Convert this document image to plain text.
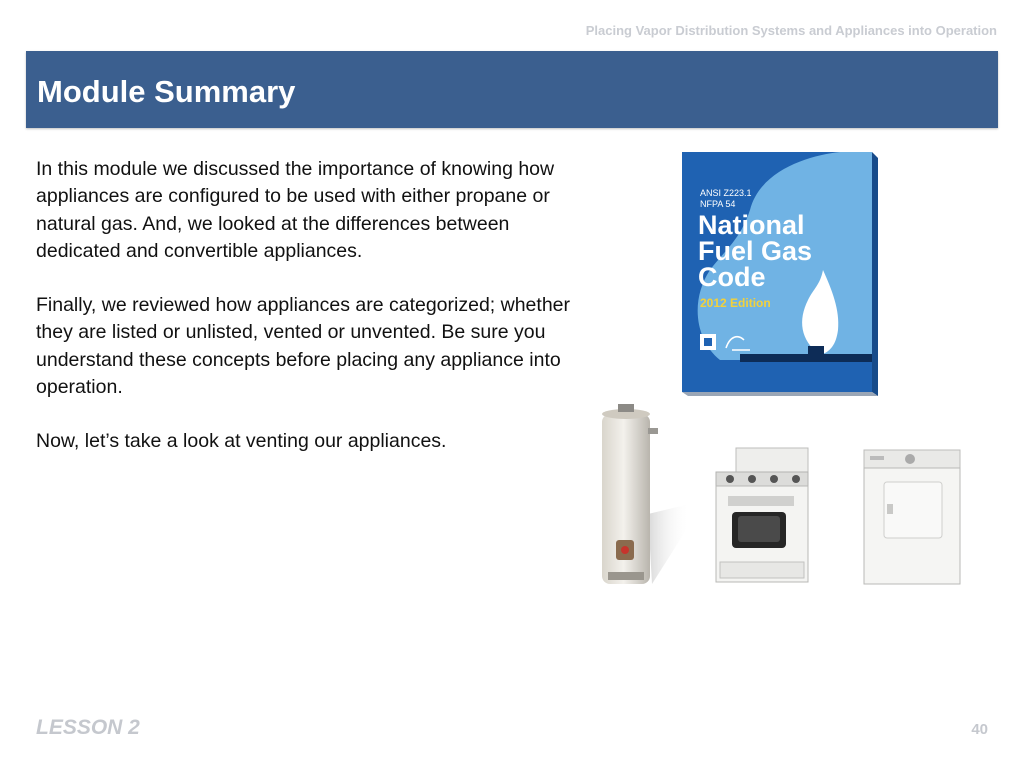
Placing Vapor Distribution Systems and Appliances into Operation
Module Summary

In this module we discussed the importance of knowing how appliances are configured to be used with either propane or natural gas. And, we looked at the differences between dedicated and convertible appliances.

Finally, we reviewed how appliances are categorized; whether they are listed or unlisted, vented or unvented. Be sure you understand these concepts before placing any appliance into operation.

Now, let’s take a look at venting our appliances.

ANSI Z223.1
NFPA 54
National
Fuel Gas
Code
2012 Edition
LESSON 2	40
